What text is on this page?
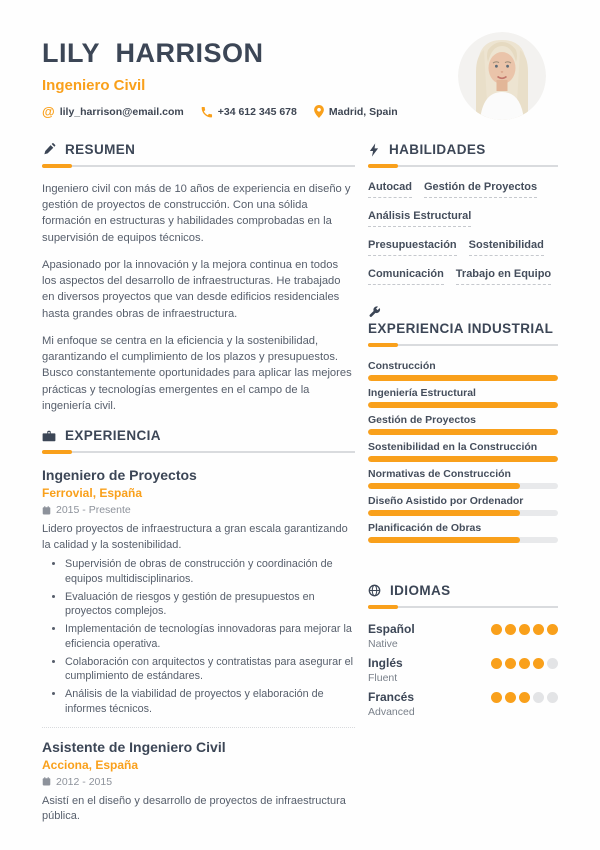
LILY  HARRISON
Ingeniero Civil
@ lily_harrison@email.com	+34 612 345 678	Madrid, Spain
RESUMEN

Ingeniero civil con más de 10 años de experiencia en diseño y gestión de proyectos de construcción. Con una sólida formación en estructuras y habilidades comprobadas en la supervisión de equipos técnicos.

Apasionado por la innovación y la mejora continua en todos los aspectos del desarrollo de infraestructuras. He trabajado en diversos proyectos que van desde edificios residenciales hasta grandes obras de infraestructura.

Mi enfoque se centra en la eficiencia y la sostenibilidad, garantizando el cumplimiento de los plazos y presupuestos. Busco constantemente oportunidades para aplicar las mejores prácticas y tecnologías emergentes en el campo de la ingeniería civil.

EXPERIENCIA
Ingeniero de Proyectos
Ferrovial, España
2015 - Presente
Lidero proyectos de infraestructura a gran escala garantizando la calidad y la sostenibilidad.
• Supervisión de obras de construcción y coordinación de equipos multidisciplinarios.
• Evaluación de riesgos y gestión de presupuestos en proyectos complejos.
• Implementación de tecnologías innovadoras para mejorar la eficiencia operativa.
• Colaboración con arquitectos y contratistas para asegurar el cumplimiento de estándares.
• Análisis de la viabilidad de proyectos y elaboración de informes técnicos.
Asistente de Ingeniero Civil
Acciona, España
2012 - 2015
Asistí en el diseño y desarrollo de proyectos de infraestructura pública.
HABILIDADES
Autocad Gestión de Proyectos
Análisis Estructural
Presupuestación Sostenibilidad
Comunicación Trabajo en Equipo
EXPERIENCIA INDUSTRIAL
Construcción
Ingeniería Estructural
Gestión de Proyectos
Sostenibilidad en la Construcción
Normativas de Construcción
Diseño Asistido por Ordenador
Planificación de Obras
IDIOMAS
Español
Native
Inglés
Fluent
Francés
Advanced
